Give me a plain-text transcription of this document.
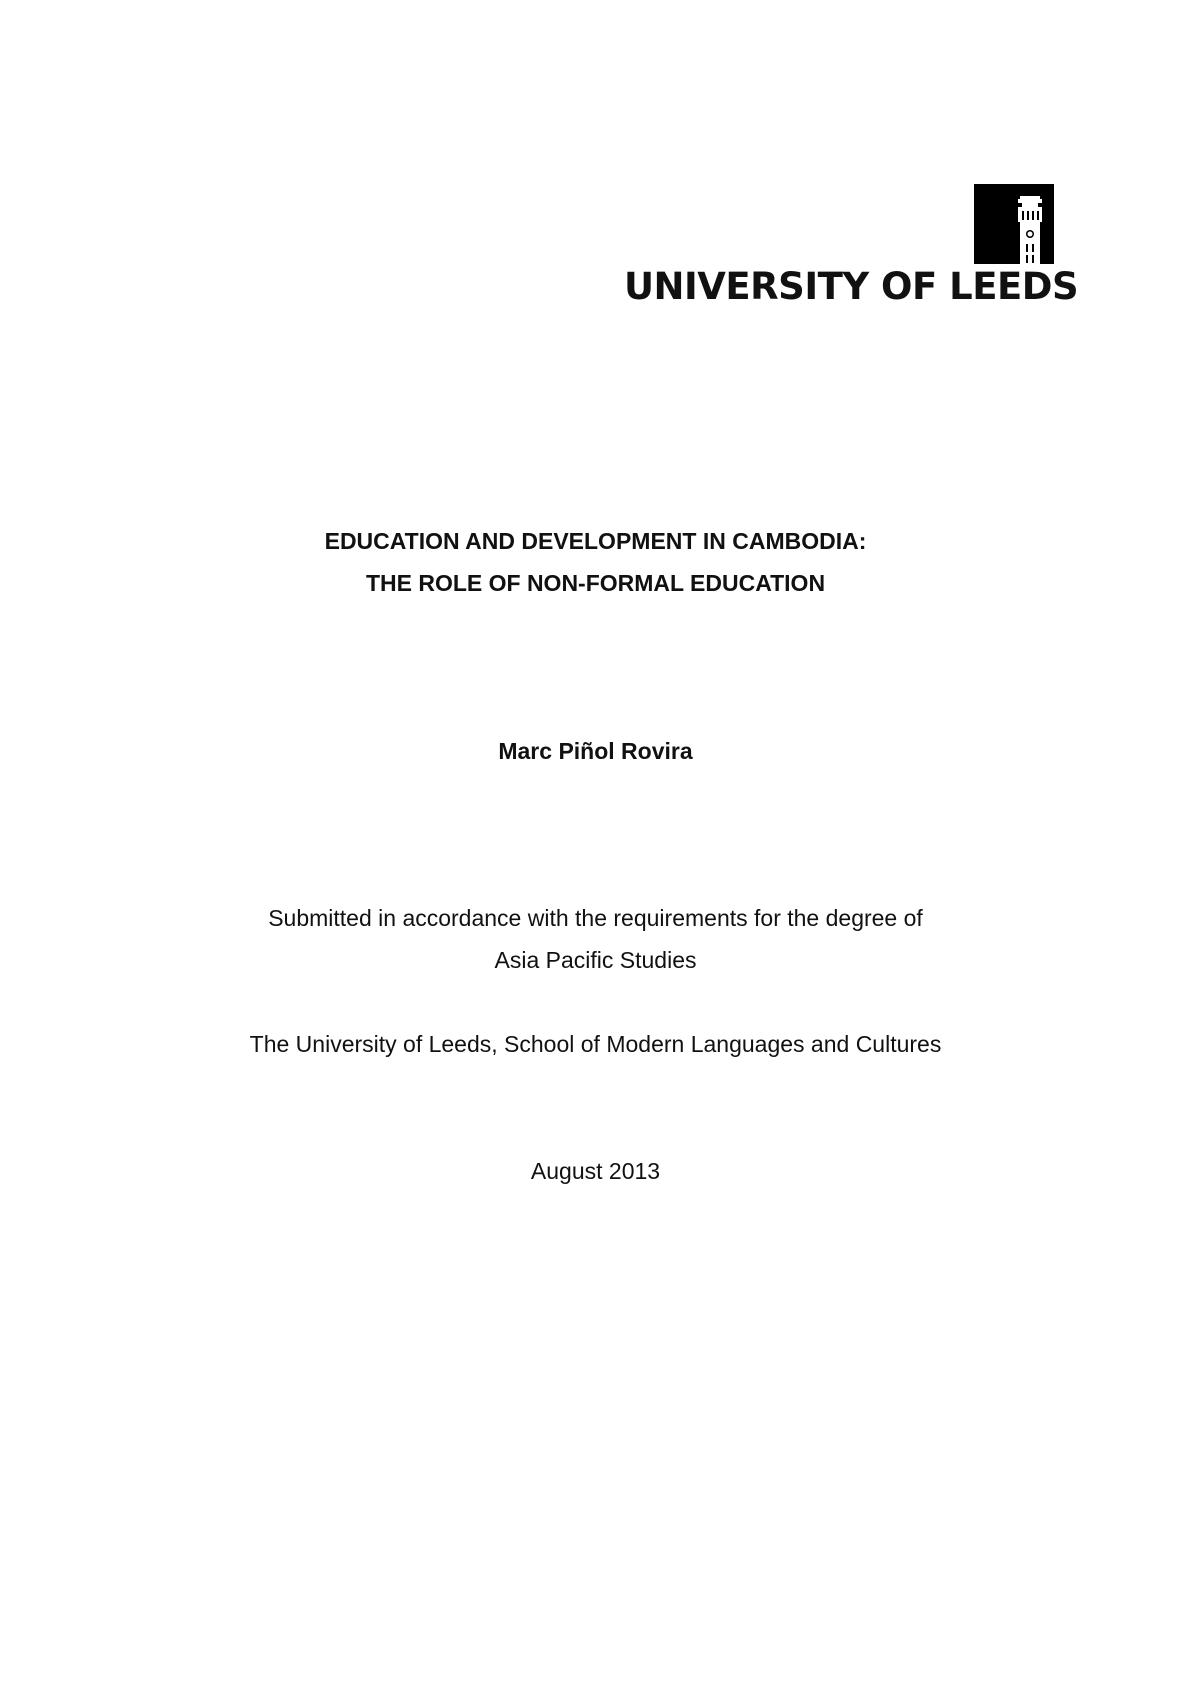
UNIVERSITY OF LEEDS
EDUCATION AND DEVELOPMENT IN CAMBODIA:
THE ROLE OF NON-FORMAL EDUCATION
Marc Piñol Rovira
Submitted in accordance with the requirements for the degree of
Asia Pacific Studies
The University of Leeds, School of Modern Languages and Cultures
August 2013
